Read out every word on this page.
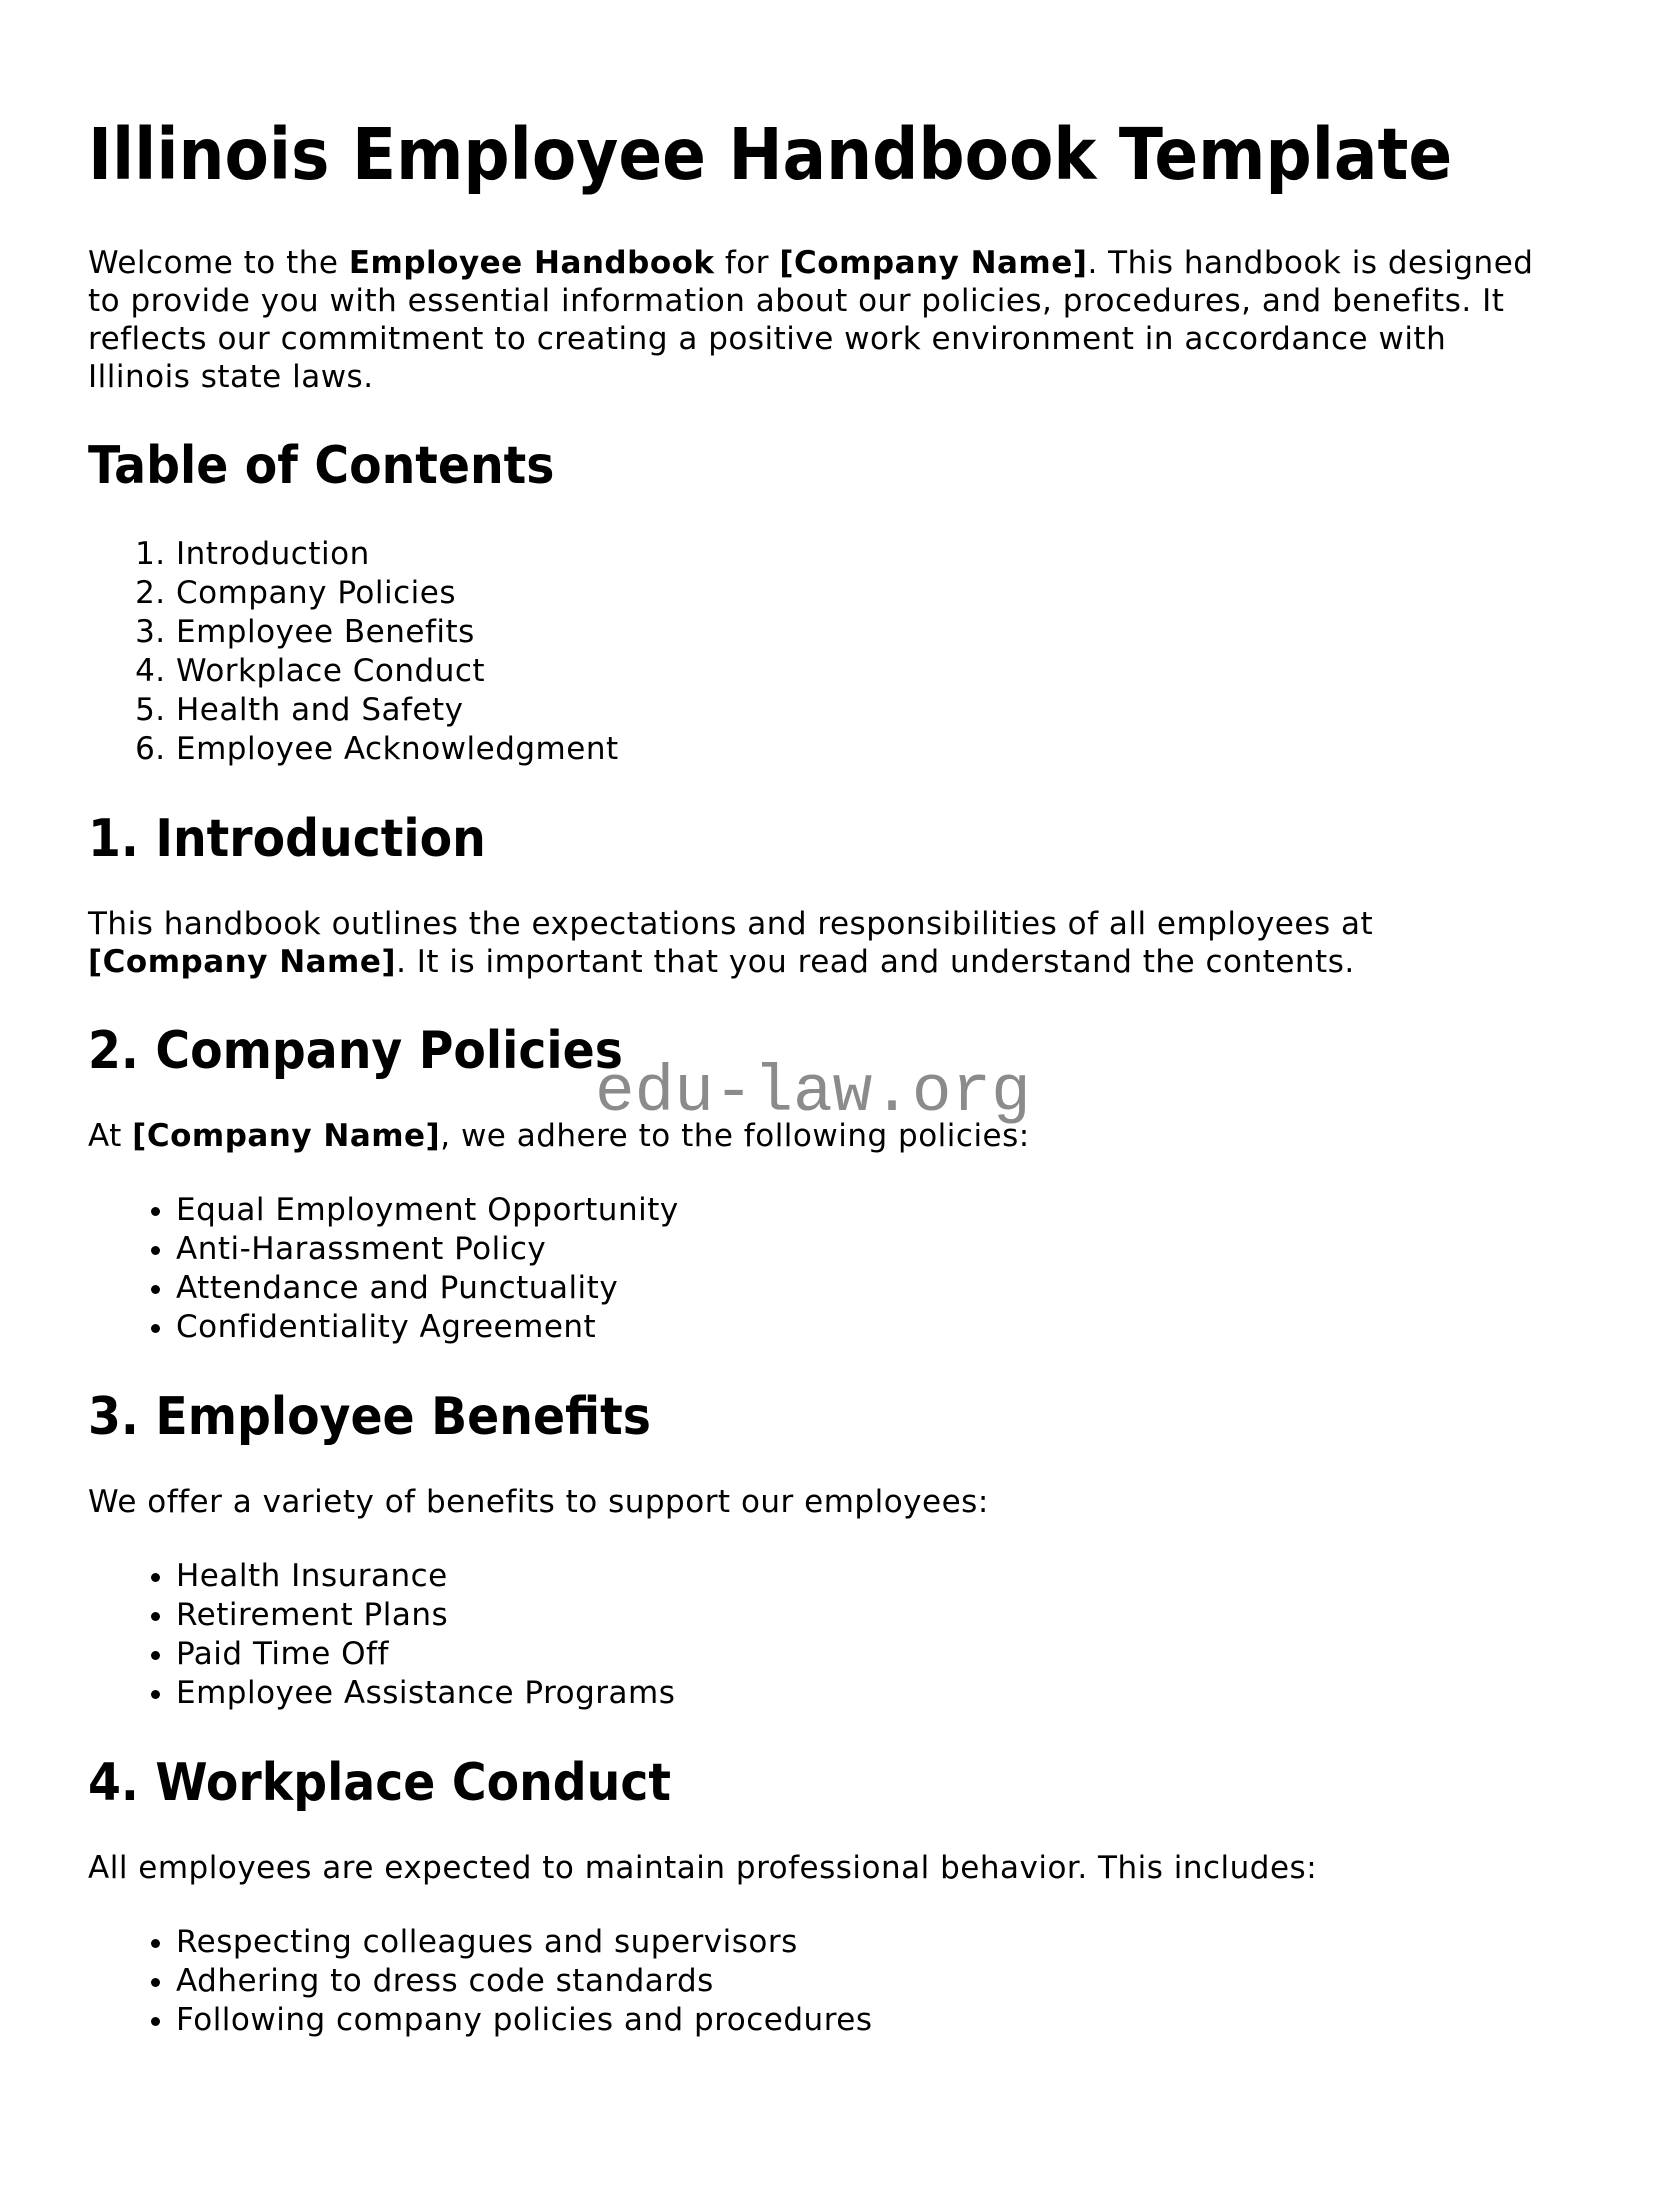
Illinois Employee Handbook Template

Welcome to the Employee Handbook for [Company Name]. This handbook is designed to provide you with essential information about our policies, procedures, and benefits. It reflects our commitment to creating a positive work environment in accordance with Illinois state laws.

Table of Contents
1. Introduction
2. Company Policies
3. Employee Benefits
4. Workplace Conduct
5. Health and Safety
6. Employee Acknowledgment
1. Introduction

This handbook outlines the expectations and responsibilities of all employees at [Company Name]. It is important that you read and understand the contents.

2. Company Policies
edu-law.org

At [Company Name], we adhere to the following policies:

• Equal Employment Opportunity
• Anti-Harassment Policy
• Attendance and Punctuality
• Confidentiality Agreement
3. Employee Benefits

We offer a variety of benefits to support our employees:

• Health Insurance
• Retirement Plans
• Paid Time Off
• Employee Assistance Programs
4. Workplace Conduct

All employees are expected to maintain professional behavior. This includes:

• Respecting colleagues and supervisors
• Adhering to dress code standards
• Following company policies and procedures
